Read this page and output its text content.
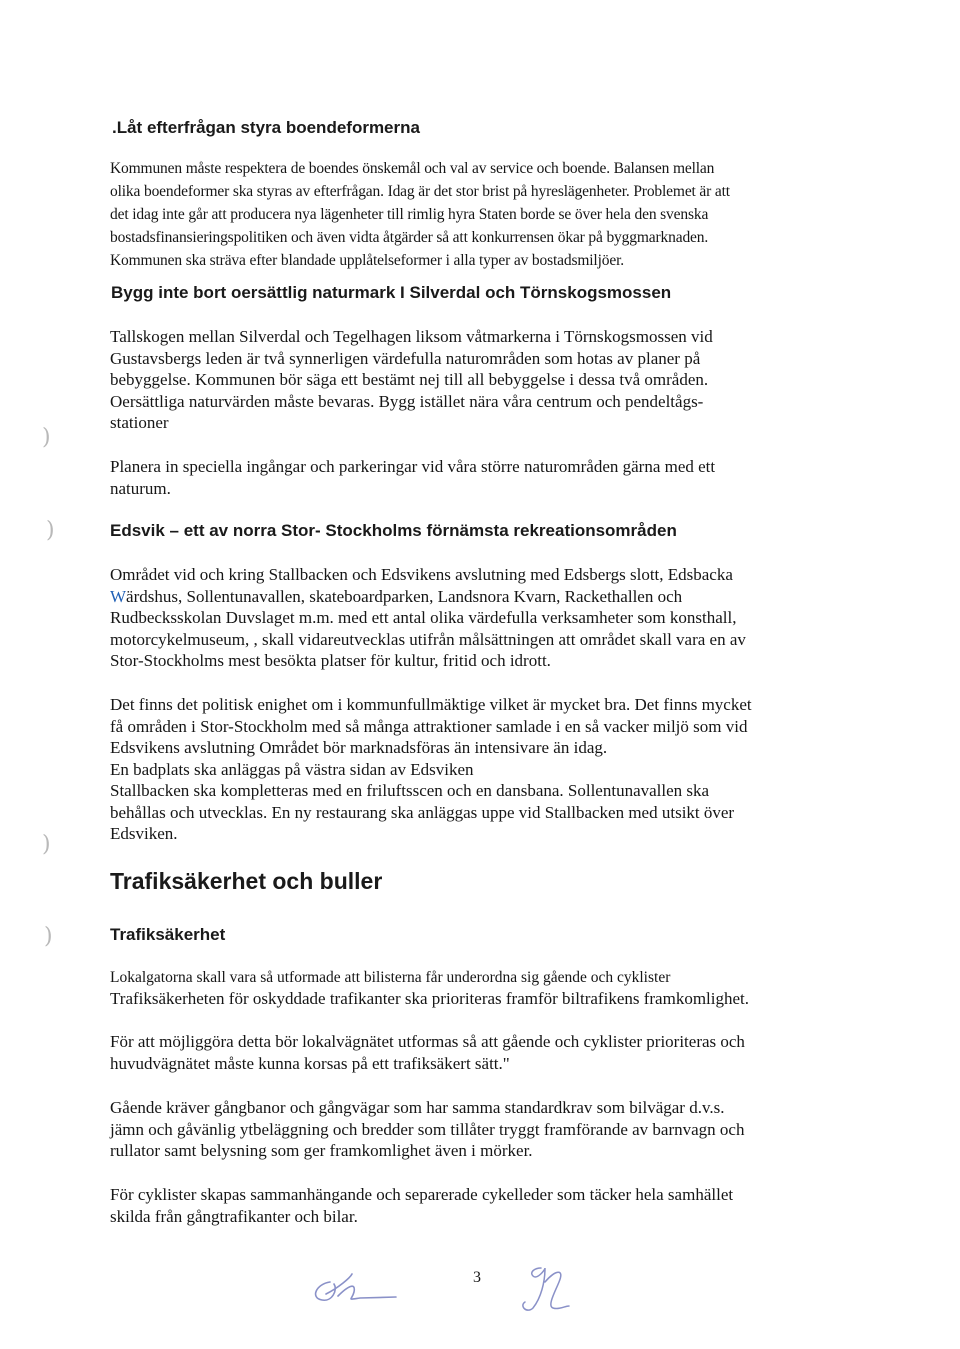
.Låt efterfrågan styra boendeformerna

Kommunen måste respektera de boendes önskemål och val av service och boende. Balansen mellan
olika boendeformer ska styras av efterfrågan. Idag är det stor brist på hyreslägenheter. Problemet är att
det idag inte går att producera nya lägenheter till rimlig hyra Staten borde se över hela den svenska
bostadsfinansieringspolitiken och även vidta åtgärder så att konkurrensen ökar på byggmarknaden.
Kommunen ska sträva efter blandade upplåtelseformer i alla typer av bostadsmiljöer.

Bygg inte bort oersättlig naturmark I Silverdal och Törnskogsmossen

Tallskogen mellan Silverdal och Tegelhagen liksom våtmarkerna i Törnskogsmossen vid
Gustavsbergs leden är två synnerligen värdefulla naturområden som hotas av planer på
bebyggelse. Kommunen bör säga ett bestämt nej till all bebyggelse i dessa två områden.
Oersättliga naturvärden måste bevaras. Bygg istället nära våra centrum och pendeltågs-
stationer

Planera in speciella ingångar och parkeringar vid våra större naturområden gärna med ett
naturum.

Edsvik – ett av norra Stor- Stockholms förnämsta rekreationsområden

Området vid och kring Stallbacken och Edsvikens avslutning med Edsbergs slott, Edsbacka
Wärdshus, Sollentunavallen, skateboardparken, Landsnora Kvarn, Rackethallen och
Rudbecksskolan Duvslaget m.m. med ett antal olika värdefulla verksamheter som konsthall,
motorcykelmuseum, , skall vidareutvecklas utifrån målsättningen att området skall vara en av
Stor-Stockholms mest besökta platser för kultur, fritid och idrott.

Det finns det politisk enighet om i kommunfullmäktige vilket är mycket bra. Det finns mycket
få områden i Stor-Stockholm med så många attraktioner samlade i en så vacker miljö som vid
Edsvikens avslutning Området bör marknadsföras än intensivare än idag.
En badplats ska anläggas på västra sidan av Edsviken
Stallbacken ska kompletteras med en friluftsscen och en dansbana. Sollentunavallen ska
behållas och utvecklas. En ny restaurang ska anläggas uppe vid Stallbacken med utsikt över
Edsviken.

Trafiksäkerhet och buller
Trafiksäkerhet

Lokalgatorna skall vara så utformade att bilisterna får underordna sig gående och cyklister

Trafiksäkerheten för oskyddade trafikanter ska prioriteras framför biltrafikens framkomlighet.

För att möjliggöra detta bör lokalvägnätet utformas så att gående och cyklister prioriteras och
huvudvägnätet måste kunna korsas på ett trafiksäkert sätt."

Gående kräver gångbanor och gångvägar som har samma standardkrav som bilvägar d.v.s.
jämn och gåvänlig ytbeläggning och bredder som tillåter tryggt framförande av barnvagn och
rullator samt belysning som ger framkomlighet även i mörker.

För cyklister skapas sammanhängande och separerade cykelleder som täcker hela samhället
skilda från gångtrafikanter och bilar.

3
)
)
)
)
